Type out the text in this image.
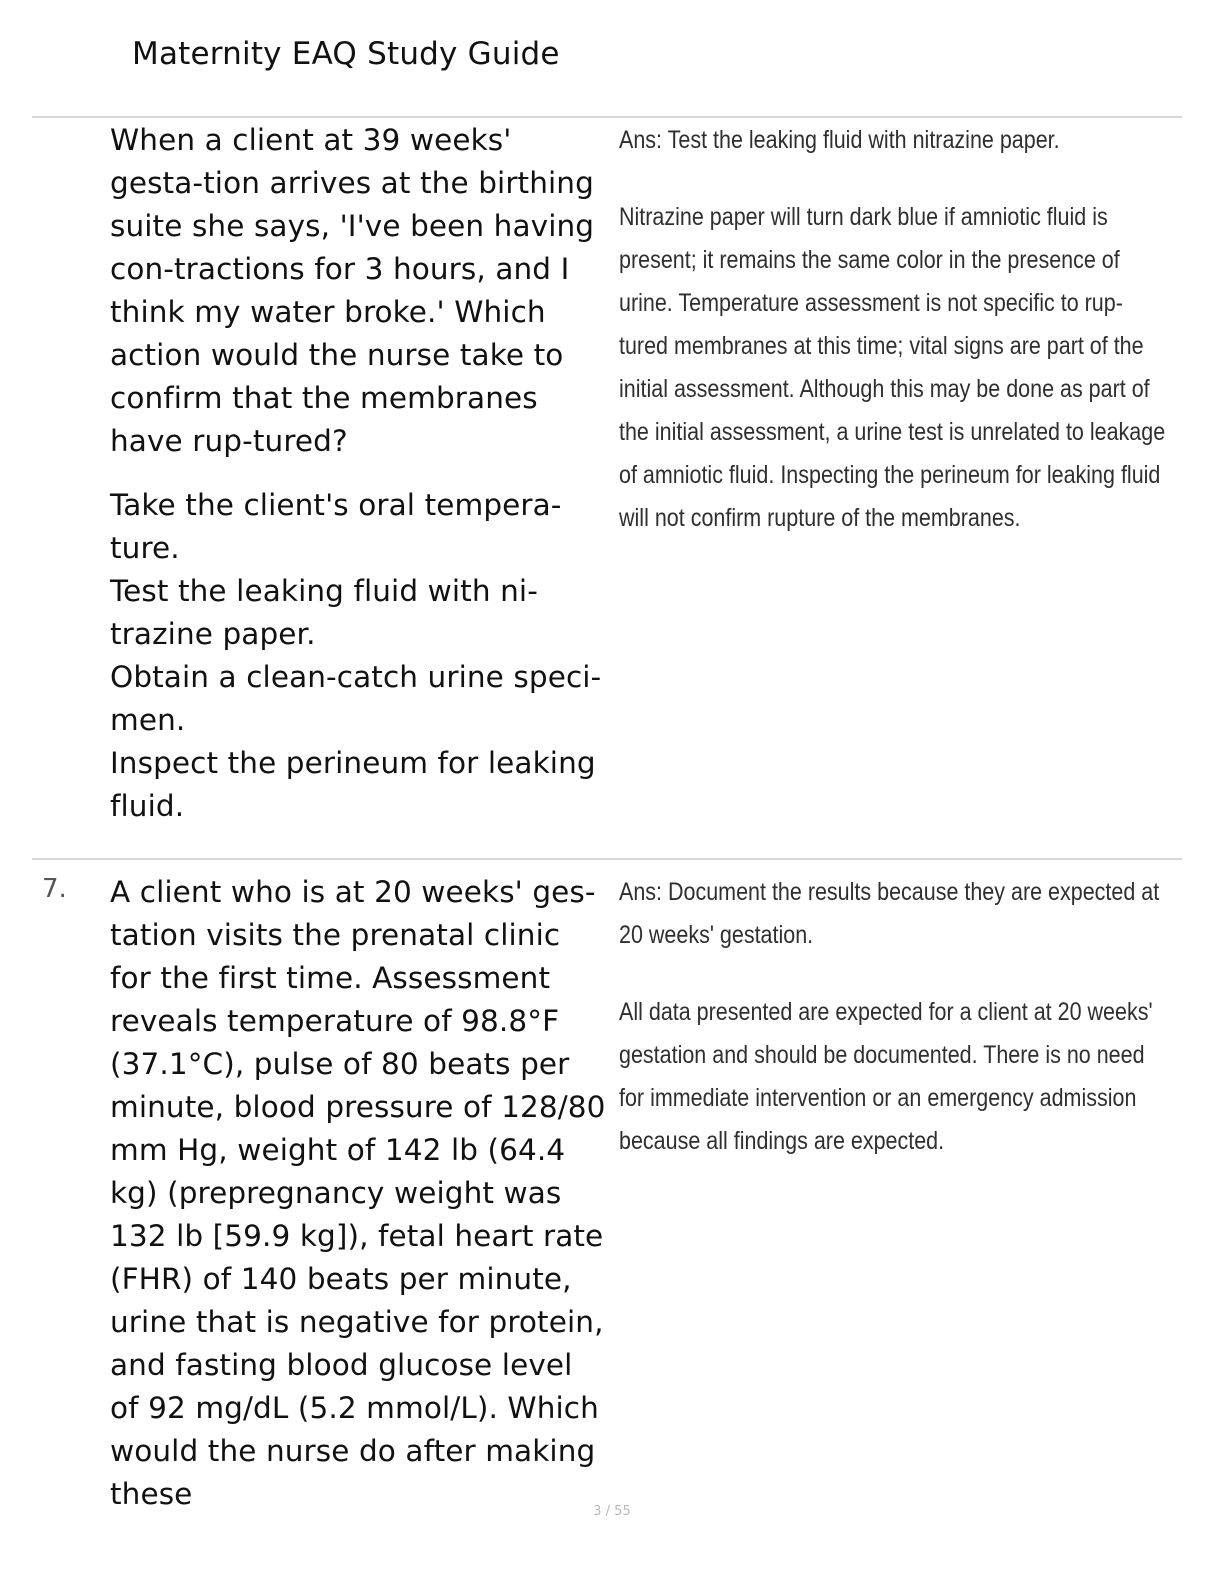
Maternity EAQ Study Guide
When a client at 39 weeks' gesta-tion arrives at the birthing suite she says, 'I've been having con-tractions for 3 hours, and I think my water broke.' Which action would the nurse take to confirm that the membranes have rup-tured?
Take the client's oral tempera-ture.
Test the leaking fluid with ni-trazine paper.
Obtain a clean-catch urine speci-men.
Inspect the perineum for leaking fluid.
Ans: Test the leaking fluid with nitrazine paper.
Nitrazine paper will turn dark blue if amniotic fluid is present; it remains the same color in the presence of urine. Temperature assessment is not specific to rup-tured membranes at this time; vital signs are part of the initial assessment. Although this may be done as part of the initial assessment, a urine test is unrelated to leakage of amniotic fluid. Inspecting the perineum for leaking fluid will not confirm rupture of the membranes.
7. A client who is at 20 weeks' ges-tation visits the prenatal clinic for the first time. Assessment reveals temperature of 98.8°F (37.1°C), pulse of 80 beats per minute, blood pressure of 128/80 mm Hg, weight of 142 lb (64.4 kg) (prepregnancy weight was 132 lb [59.9 kg]), fetal heart rate (FHR) of 140 beats per minute, urine that is negative for protein, and fasting blood glucose level of 92 mg/dL (5.2 mmol/L). Which would the nurse do after making these
Ans: Document the results because they are expected at 20 weeks' gestation.
All data presented are expected for a client at 20 weeks' gestation and should be documented. There is no need for immediate intervention or an emergency admission because all findings are expected.
3 / 55
